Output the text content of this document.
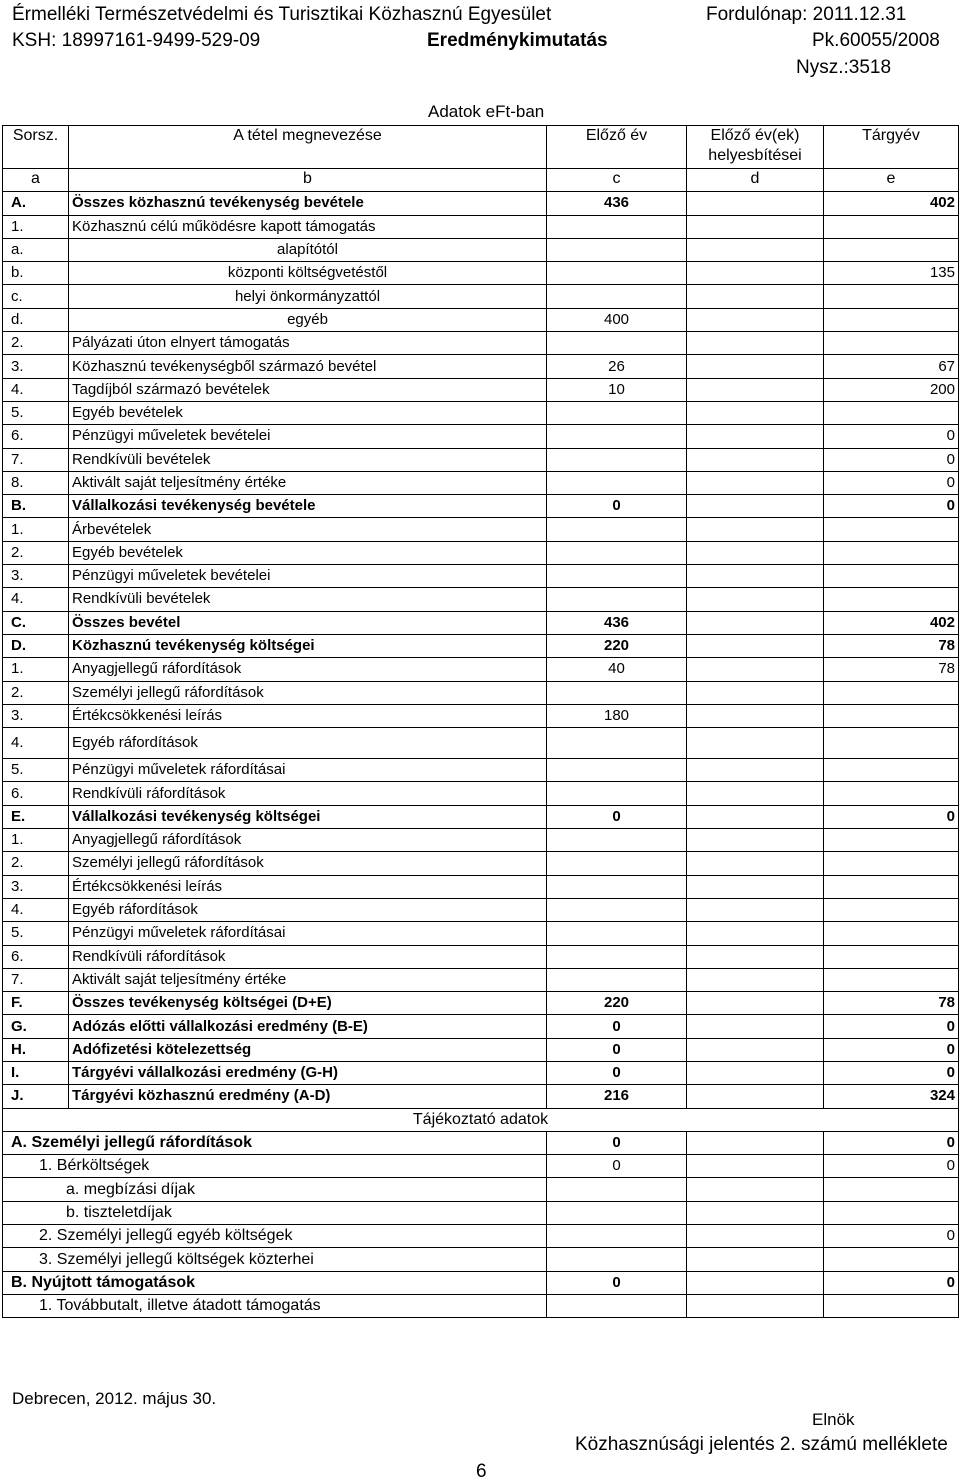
Érmelléki Természetvédelmi és Turisztikai Közhasznú Egyesület	Fordulónap: 2011.12.31
KSH: 18997161-9499-529-09	Eredménykimutatás	Pk.60055/2008
Nysz.:3518
Adatok eFt-ban
Sorsz.	A tétel megnevezése	Előző év	Előző év(ek)
helyesbítései	Tárgyév
a	b	c	d	e
A.	Összes közhasznú tevékenység bevétele	436		402
1.	Közhasznú célú működésre kapott támogatás			
a.	alapítótól			
b.	központi költségvetéstől			135
c.	helyi önkormányzattól			
d.	egyéb	400		
2.	Pályázati úton elnyert támogatás			
3.	Közhasznú tevékenységből származó bevétel	26		67
4.	Tagdíjból származó bevételek	10		200
5.	Egyéb bevételek			
6.	Pénzügyi műveletek bevételei			0
7.	Rendkívüli bevételek			0
8.	Aktivált saját teljesítmény értéke			0
B.	Vállalkozási tevékenység bevétele	0		0
1.	Árbevételek			
2.	Egyéb bevételek			
3.	Pénzügyi műveletek bevételei			
4.	Rendkívüli bevételek			
C.	Összes bevétel	436		402
D.	Közhasznú tevékenység költségei	220		78
1.	Anyagjellegű ráfordítások	40		78
2.	Személyi jellegű ráfordítások			
3.	Értékcsökkenési leírás	180		
4.	Egyéb ráfordítások			
5.	Pénzügyi műveletek ráfordításai			
6.	Rendkívüli ráfordítások			
E.	Vállalkozási tevékenység költségei	0		0
1.	Anyagjellegű ráfordítások			
2.	Személyi jellegű ráfordítások			
3.	Értékcsökkenési leírás			
4.	Egyéb ráfordítások			
5.	Pénzügyi műveletek ráfordításai			
6.	Rendkívüli ráfordítások			
7.	Aktivált saját teljesítmény értéke			
F.	Összes tevékenység költségei (D+E)	220		78
G.	Adózás előtti vállalkozási eredmény (B-E)	0		0
H.	Adófizetési kötelezettség	0		0
I.	Tárgyévi vállalkozási eredmény (G-H)	0		0
J.	Tárgyévi közhasznú eredmény (A-D)	216		324
Tájékoztató adatok				
A. Személyi jellegű ráfordítások		0		0
1. Bérköltségek		0		0
a. megbízási díjak				
b. tiszteletdíjak				
2. Személyi jellegű egyéb költségek				0
3. Személyi jellegű költségek közterhei				
B. Nyújtott támogatások		0		0
1. Továbbutalt, illetve átadott támogatás				
Debrecen, 2012. május 30.
Elnök
Közhasznúsági jelentés 2. számú melléklete
6
